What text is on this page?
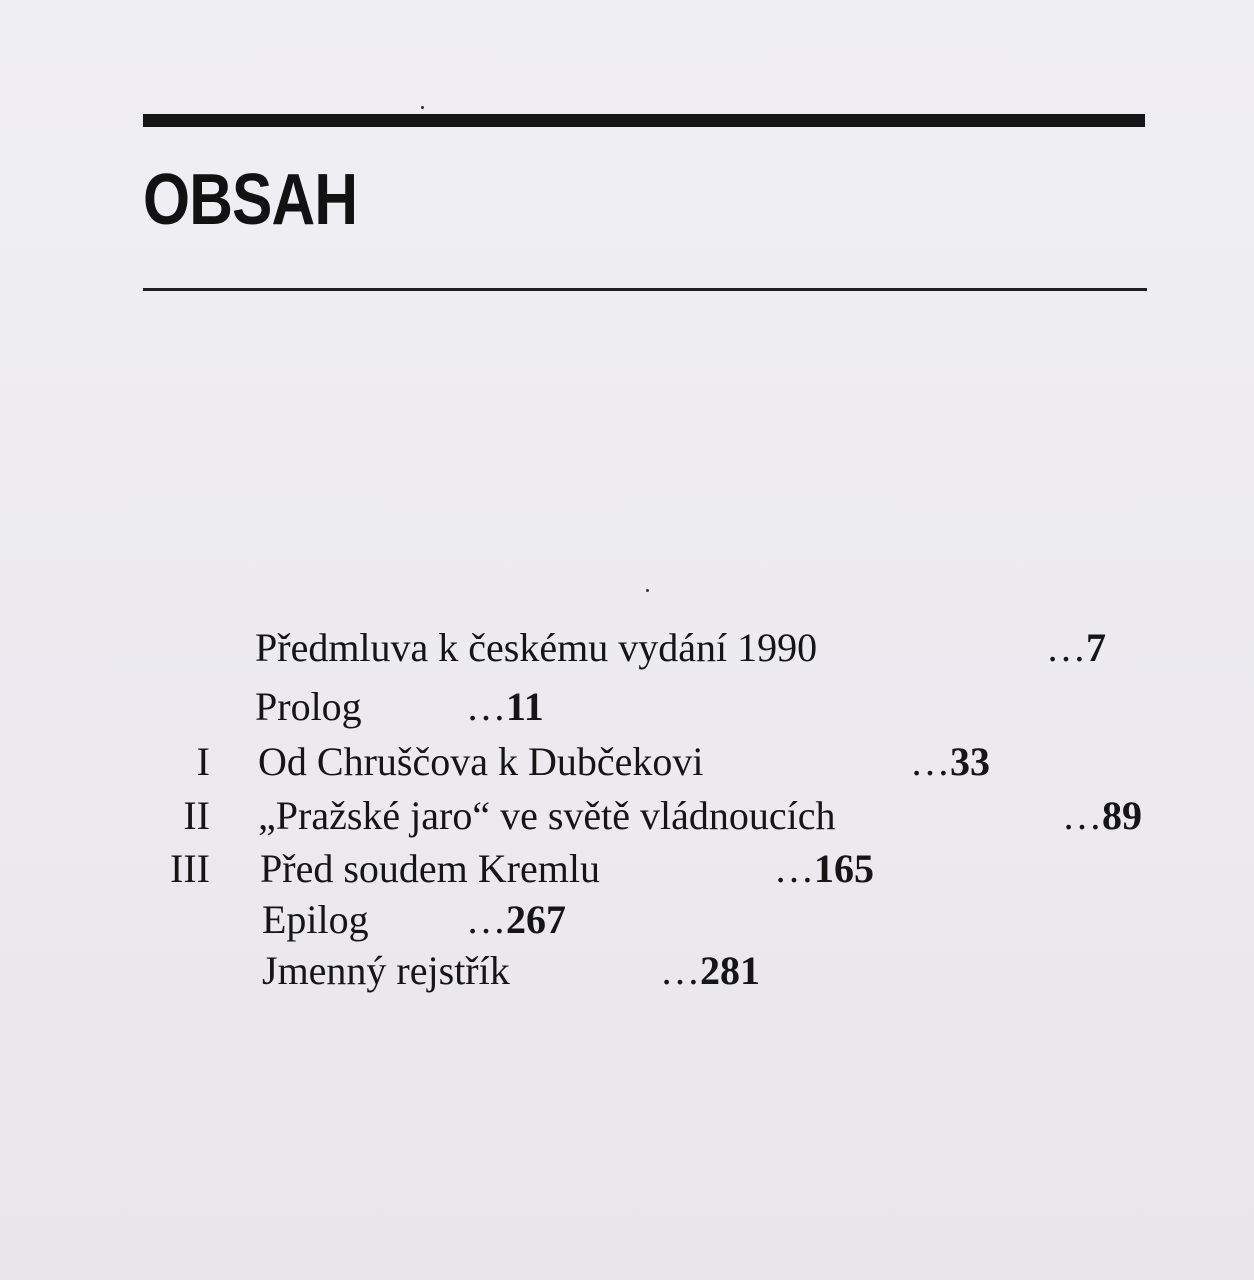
OBSAH
Předmluva k českému vydání 1990	…7
Prolog	…11
I Od Chruščova k Dubčekovi	…33
II „Pražské jaro“ ve světě vládnoucích	…89
III Před soudem Kremlu	…165
Epilog …267
Jmenný rejstřík	…281
